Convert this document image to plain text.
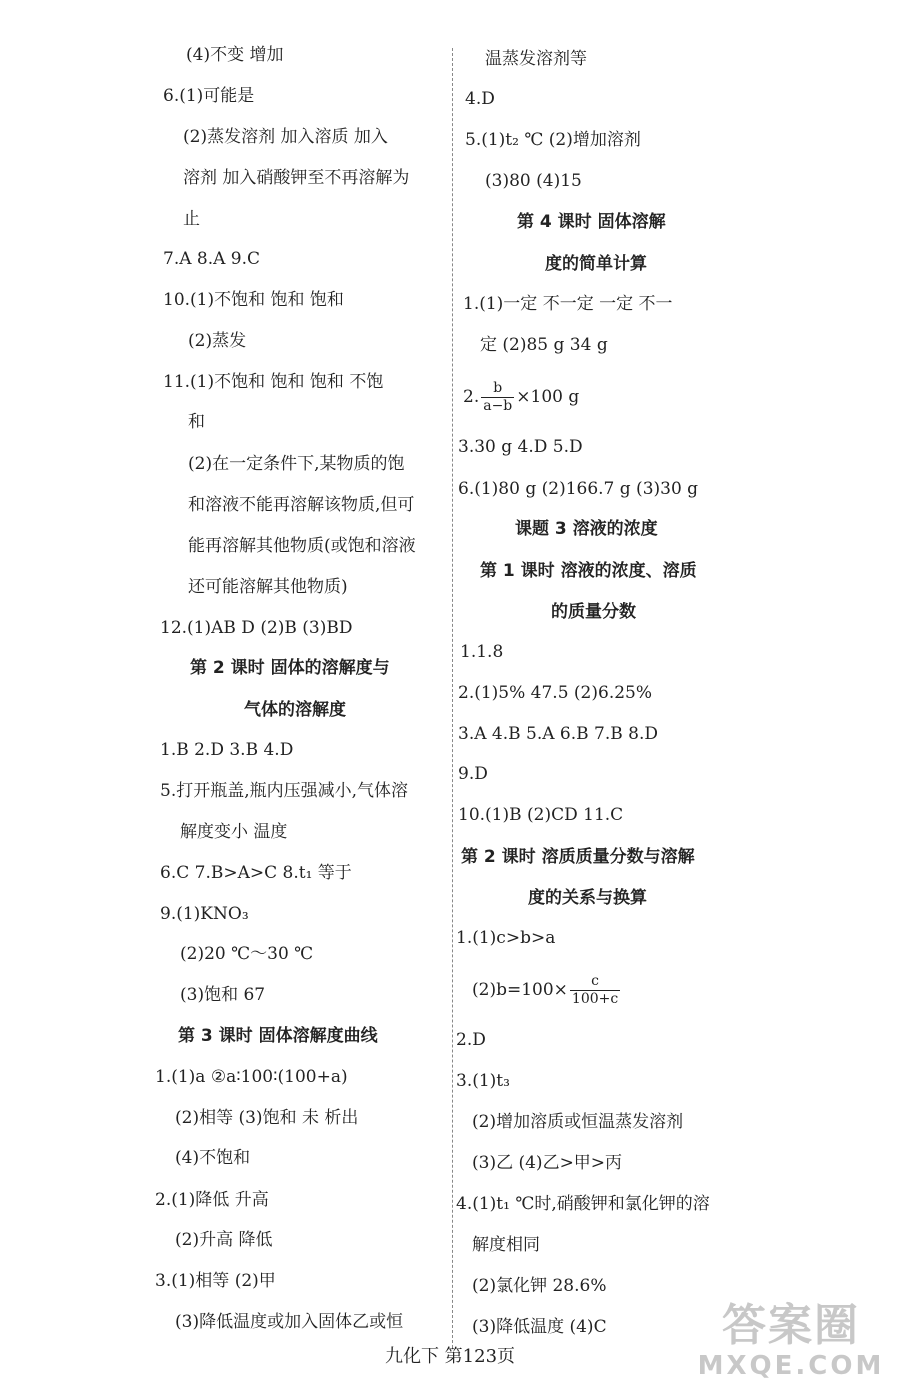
(4)不变 增加
6.(1)可能是
(2)蒸发溶剂 加入溶质 加入
溶剂 加入硝酸钾至不再溶解为
止
7.A 8.A 9.C
10.(1)不饱和 饱和 饱和
(2)蒸发
11.(1)不饱和 饱和 饱和 不饱
和
(2)在一定条件下,某物质的饱
和溶液不能再溶解该物质,但可
能再溶解其他物质(或饱和溶液
还可能溶解其他物质)
12.(1)AB D (2)B (3)BD
第 2 课时 固体的溶解度与
气体的溶解度
1.B 2.D 3.B 4.D
5.打开瓶盖,瓶内压强减小,气体溶
解度变小 温度
6.C 7.B>A>C 8.t₁ 等于
9.(1)KNO₃
(2)20 ℃～30 ℃
(3)饱和 67
第 3 课时 固体溶解度曲线
1.(1)a ②a∶100∶(100+a)
(2)相等 (3)饱和 未 析出
(4)不饱和
2.(1)降低 升高
(2)升高 降低
3.(1)相等 (2)甲
(3)降低温度或加入固体乙或恒
温蒸发溶剂等
4.D
5.(1)t₂ ℃ (2)增加溶剂
(3)80 (4)15
第 4 课时 固体溶解
度的简单计算
1.(1)一定 不一定 一定 不一
定 (2)85 g 34 g
2. $\frac{b}{a-b} \times 100$ g
3.30 g 4.D 5.D
6.(1)80 g (2)166.7 g (3)30 g
课题 3 溶液的浓度
第 1 课时 溶液的浓度、溶质
的质量分数
1.1.8
2.(1)5% 47.5 (2)6.25%
3.A 4.B 5.A 6.B 7.B 8.D
9.D
10.(1)B (2)CD 11.C
第 2 课时 溶质质量分数与溶解
度的关系与换算
1.(1)c>b>a
$(2)b=100\times \frac{c}{100+c}$
2.D
3.(1)t₃
(2)增加溶质或恒温蒸发溶剂
(3)乙 (4)乙>甲>丙
4.(1)t₁ ℃时,硝酸钾和氯化钾的溶
解度相同
(2)氯化钾 28.6%
(3)降低温度 (4)C
九化下 第123页
答案圈
MXQE.COM
